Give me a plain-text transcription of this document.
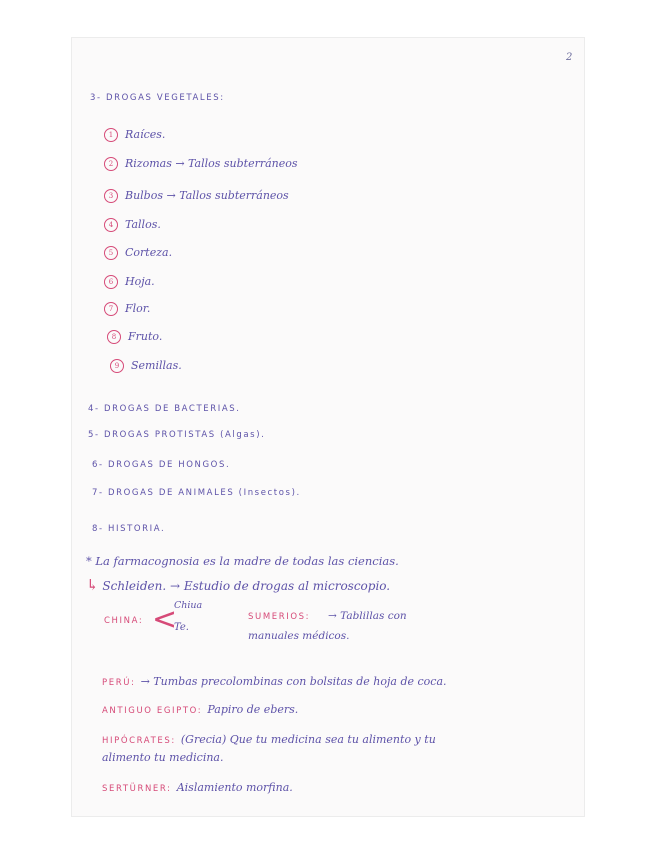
2
3- DROGAS VEGETALES:
1 Raíces.
2 Rizomas → Tallos subterráneos
3 Bulbos → Tallos subterráneos
4 Tallos.
5 Corteza.
6 Hoja.
7 Flor.
8 Fruto.
9 Semillas.
4- DROGAS DE BACTERIAS.
5- DROGAS PROTISTAS (Algas).
6- DROGAS DE HONGOS.
7- DROGAS DE ANIMALES (Insectos).
8- HISTORIA.
* La farmacognosia es la madre de todas las ciencias.
↳ Schleiden. → Estudio de drogas al microscopio.
CHINA: <
Chiua
Te.
SUMERIOS: → Tablillas con
manuales médicos.
PERÚ: → Tumbas precolombinas con bolsitas de hoja de coca.
ANTIGUO EGIPTO: Papiro de ebers.
HIPÓCRATES: (Grecia) Que tu medicina sea tu alimento y tu
alimento tu medicina.
SERTÜRNER: Aislamiento morfina.
